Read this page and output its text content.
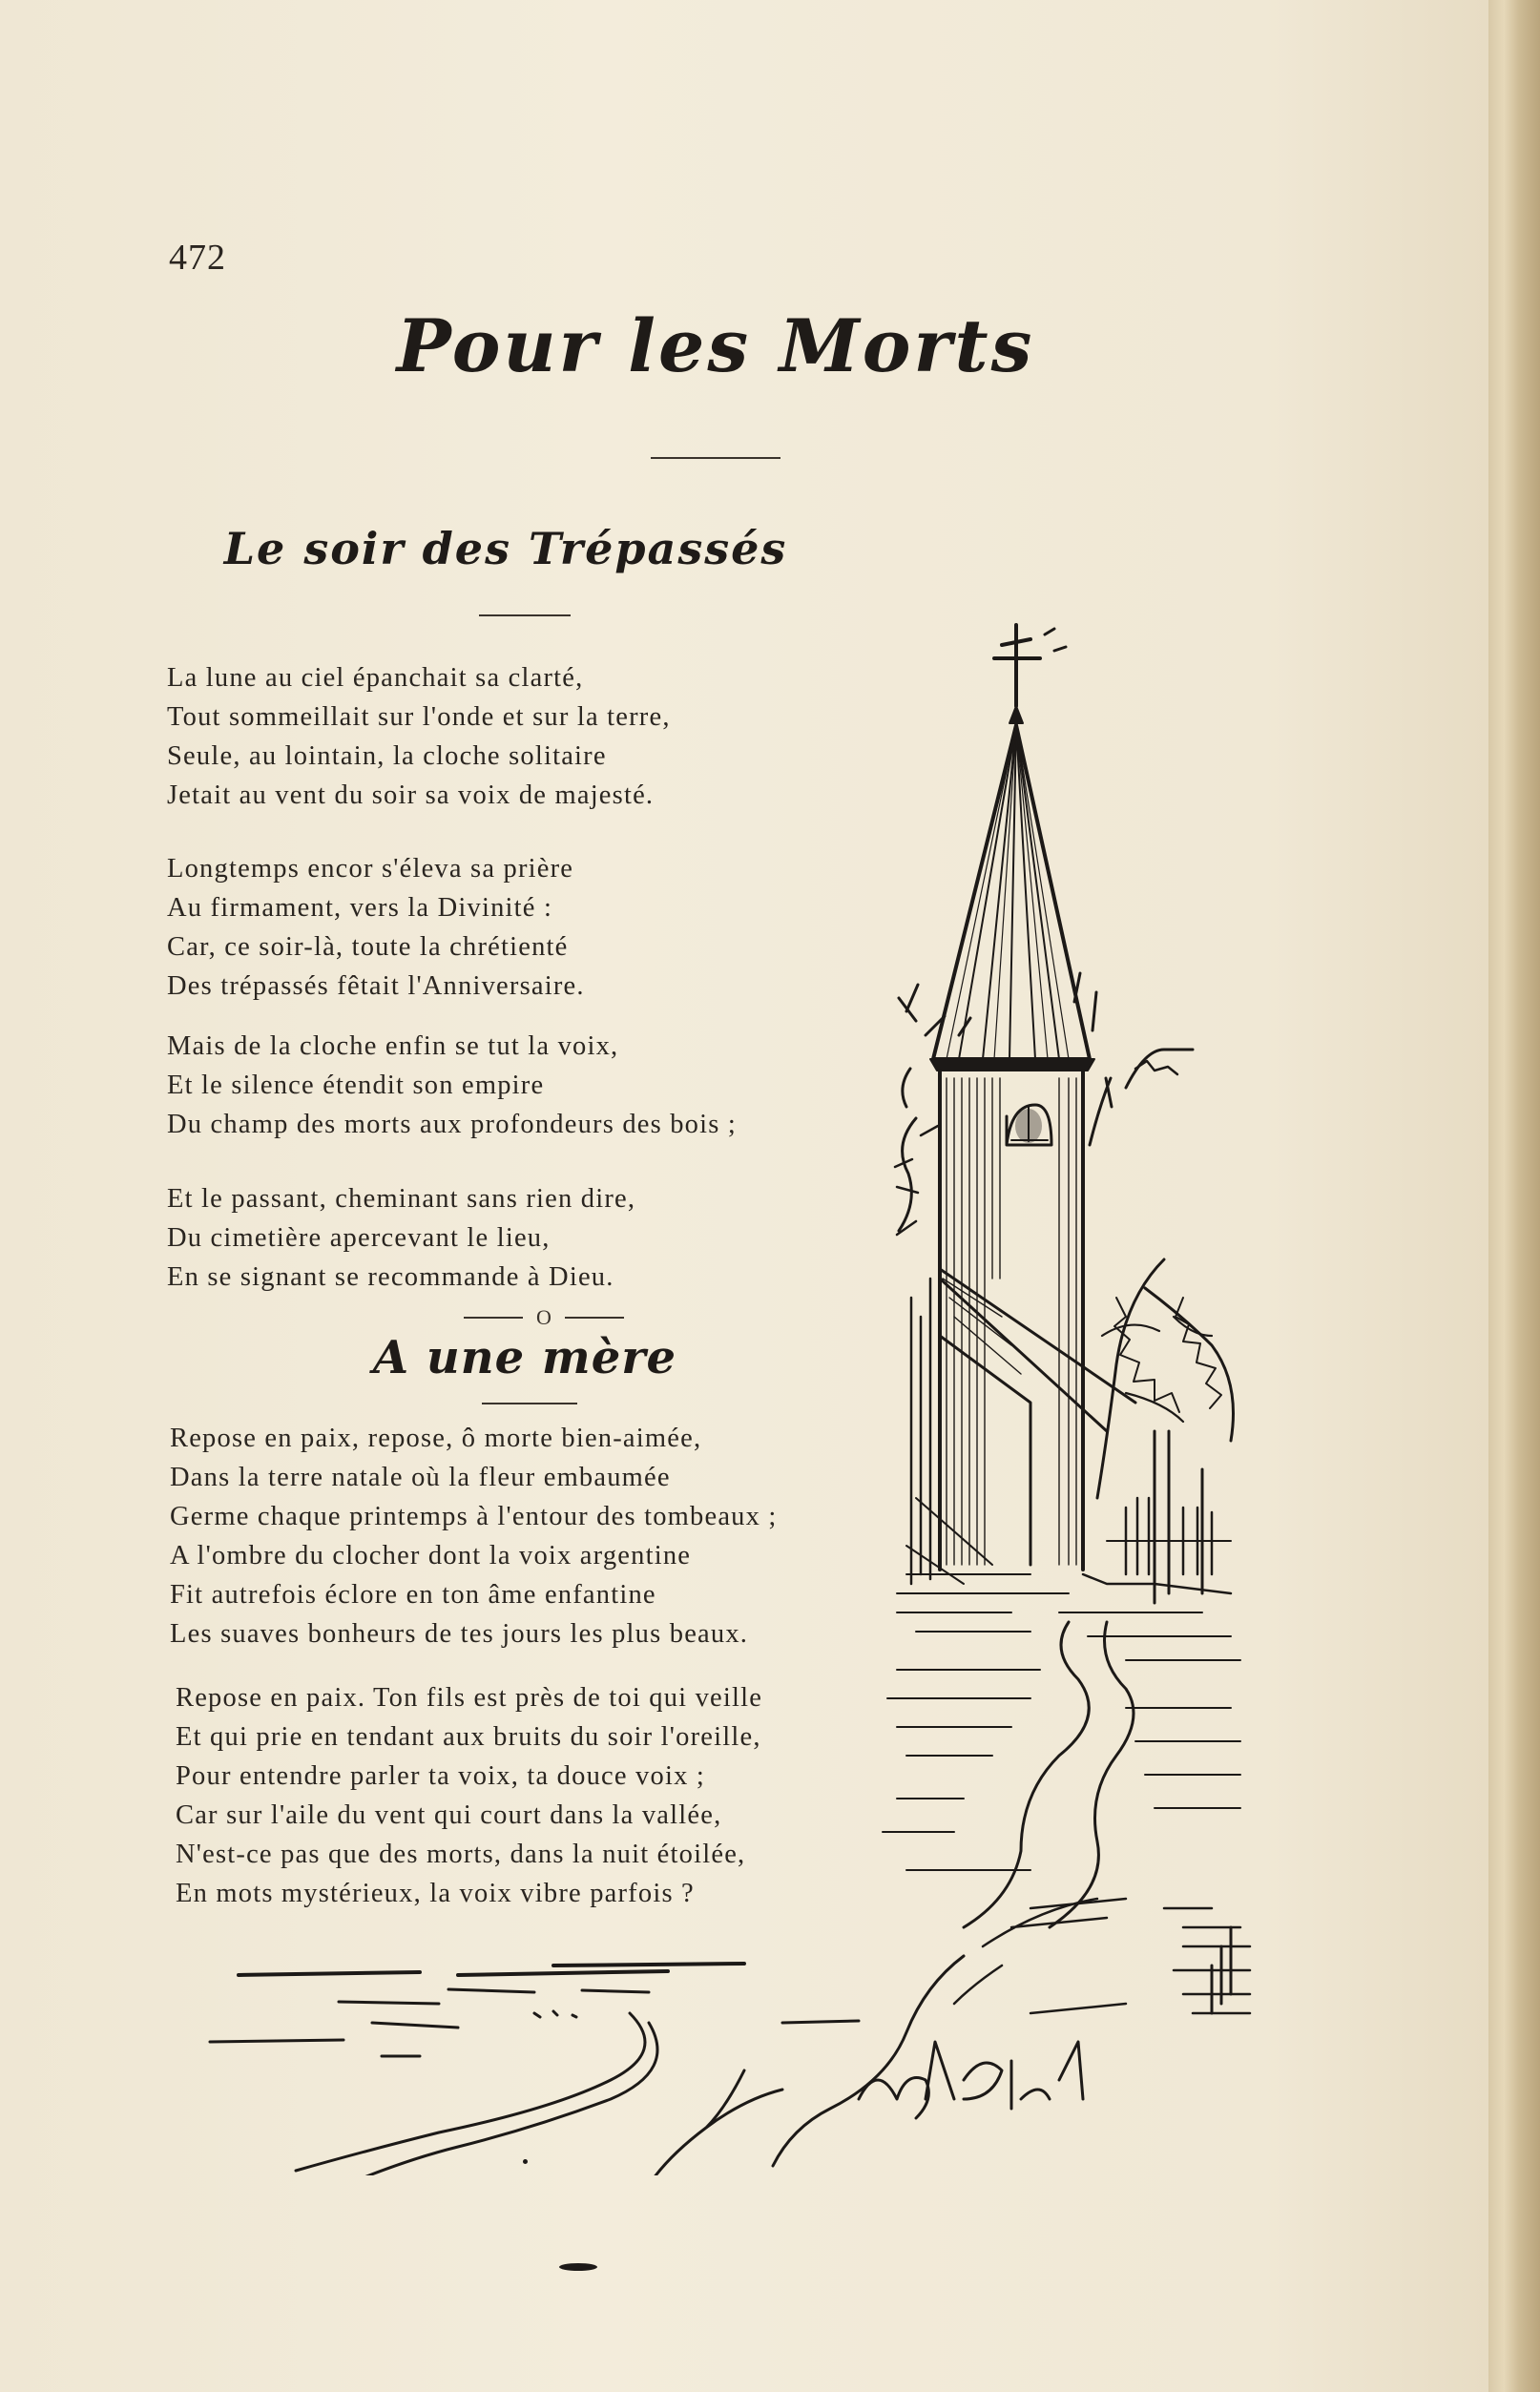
472
Pour les Morts
Le soir des Trépassés
La lune au ciel épanchait sa clarté,
Tout sommeillait sur l'onde et sur la terre,
Seule, au lointain, la cloche solitaire
Jetait au vent du soir sa voix de majesté.
Longtemps encor s'éleva sa prière
Au firmament, vers la Divinité :
Car, ce soir-là, toute la chrétienté
Des trépassés fêtait l'Anniversaire.
Mais de la cloche enfin se tut la voix,
Et le silence étendit son empire
Du champ des morts aux profondeurs des bois ;
Et le passant, cheminant sans rien dire,
Du cimetière apercevant le lieu,
En se signant se recommande à Dieu.
O
A une mère
Repose en paix, repose, ô morte bien-aimée,
Dans la terre natale où la fleur embaumée
Germe chaque printemps à l'entour des tombeaux ;
A l'ombre du clocher dont la voix argentine
Fit autrefois éclore en ton âme enfantine
Les suaves bonheurs de tes jours les plus beaux.
Repose en paix. Ton fils est près de toi qui veille
Et qui prie en tendant aux bruits du soir l'oreille,
Pour entendre parler ta voix, ta douce voix ;
Car sur l'aile du vent qui court dans la vallée,
N'est-ce pas que des morts, dans la nuit étoilée,
En mots mystérieux, la voix vibre parfois ?
